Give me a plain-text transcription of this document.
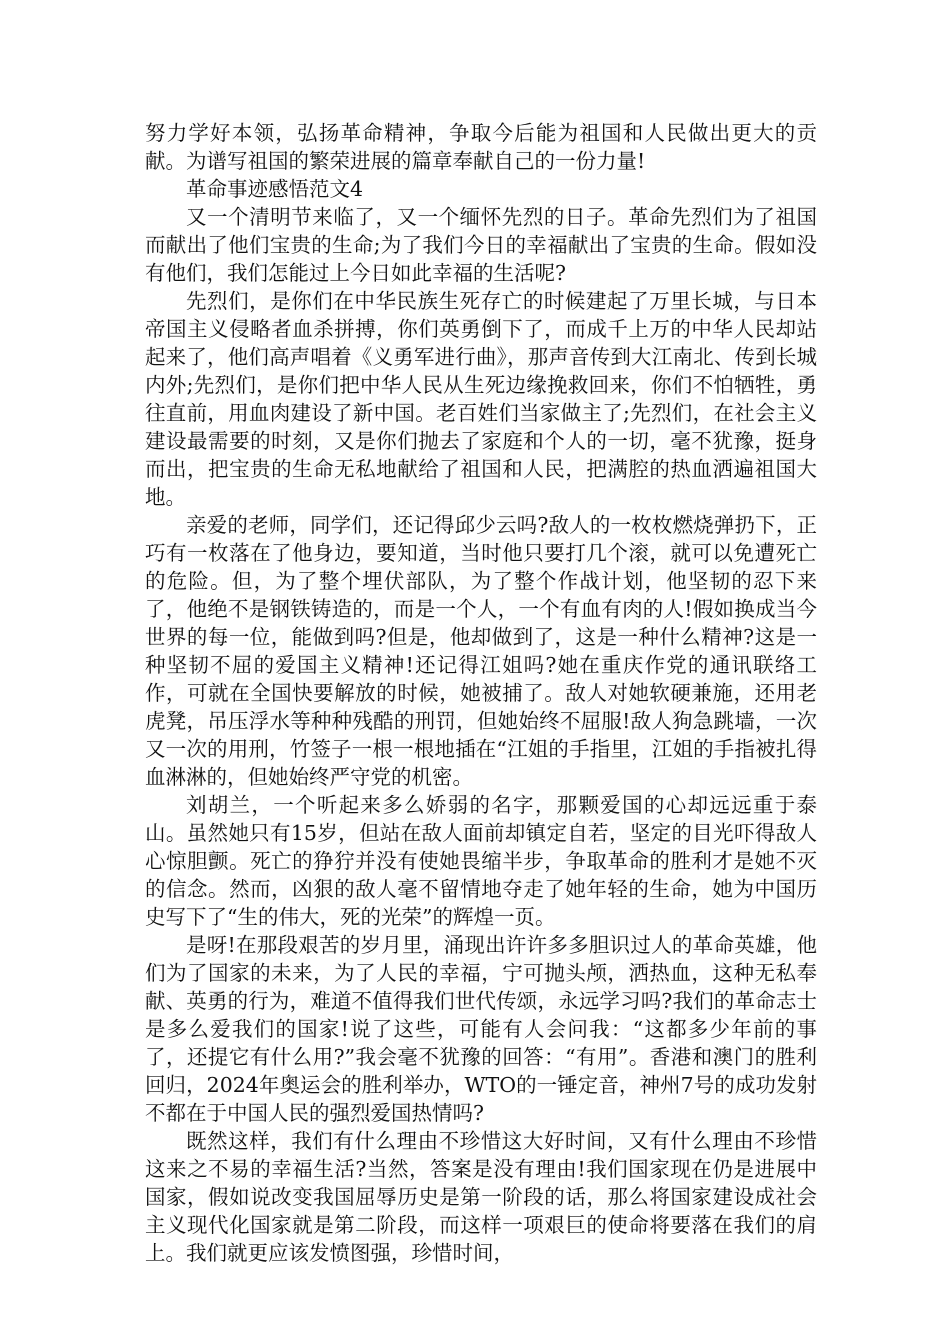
努力学好本领，弘扬革命精神，争取今后能为祖国和人民做出更大的贡献。为谱写祖国的繁荣进展的篇章奉献自己的一份力量!

革命事迹感悟范文4

又一个清明节来临了，又一个缅怀先烈的日子。革命先烈们为了祖国而献出了他们宝贵的生命;为了我们今日的幸福献出了宝贵的生命。假如没有他们，我们怎能过上今日如此幸福的生活呢?

先烈们，是你们在中华民族生死存亡的时候建起了万里长城，与日本帝国主义侵略者血杀拼搏，你们英勇倒下了，而成千上万的中华人民却站起来了，他们高声唱着《义勇军进行曲》，那声音传到大江南北、传到长城内外;先烈们，是你们把中华人民从生死边缘挽救回来，你们不怕牺牲，勇往直前，用血肉建设了新中国。老百姓们当家做主了;先烈们，在社会主义建设最需要的时刻，又是你们抛去了家庭和个人的一切，毫不犹豫，挺身而出，把宝贵的生命无私地献给了祖国和人民，把满腔的热血洒遍祖国大地。

亲爱的老师，同学们，还记得邱少云吗?敌人的一枚枚燃烧弹扔下，正巧有一枚落在了他身边，要知道，当时他只要打几个滚，就可以免遭死亡的危险。但，为了整个埋伏部队，为了整个作战计划，他坚韧的忍下来了，他绝不是钢铁铸造的，而是一个人，一个有血有肉的人!假如换成当今世界的每一位，能做到吗?但是，他却做到了，这是一种什么精神?这是一种坚韧不屈的爱国主义精神!还记得江姐吗?她在重庆作党的通讯联络工作，可就在全国快要解放的时候，她被捕了。敌人对她软硬兼施，还用老虎凳，吊压浮水等种种残酷的刑罚，但她始终不屈服!敌人狗急跳墙，一次又一次的用刑，竹签子一根一根地插在“江姐的手指里，江姐的手指被扎得血淋淋的，但她始终严守党的机密。

刘胡兰，一个听起来多么娇弱的名字，那颗爱国的心却远远重于泰山。虽然她只有15岁，但站在敌人面前却镇定自若，坚定的目光吓得敌人心惊胆颤。死亡的狰狞并没有使她畏缩半步，争取革命的胜利才是她不灭的信念。然而，凶狠的敌人毫不留情地夺走了她年轻的生命，她为中国历史写下了“生的伟大，死的光荣”的辉煌一页。

是呀!在那段艰苦的岁月里，涌现出许许多多胆识过人的革命英雄，他们为了国家的未来，为了人民的幸福，宁可抛头颅，洒热血，这种无私奉献、英勇的行为，难道不值得我们世代传颂，永远学习吗?我们的革命志士是多么爱我们的国家!说了这些，可能有人会问我：“这都多少年前的事了，还提它有什么用?”我会毫不犹豫的回答：“有用”。香港和澳门的胜利回归，2024年奥运会的胜利举办，WTO的一锤定音，神州7号的成功发射不都在于中国人民的强烈爱国热情吗?

既然这样，我们有什么理由不珍惜这大好时间，又有什么理由不珍惜这来之不易的幸福生活?当然，答案是没有理由!我们国家现在仍是进展中国家，假如说改变我国屈辱历史是第一阶段的话，那么将国家建设成社会主义现代化国家就是第二阶段，而这样一项艰巨的使命将要落在我们的肩上。我们就更应该发愤图强，珍惜时间，
